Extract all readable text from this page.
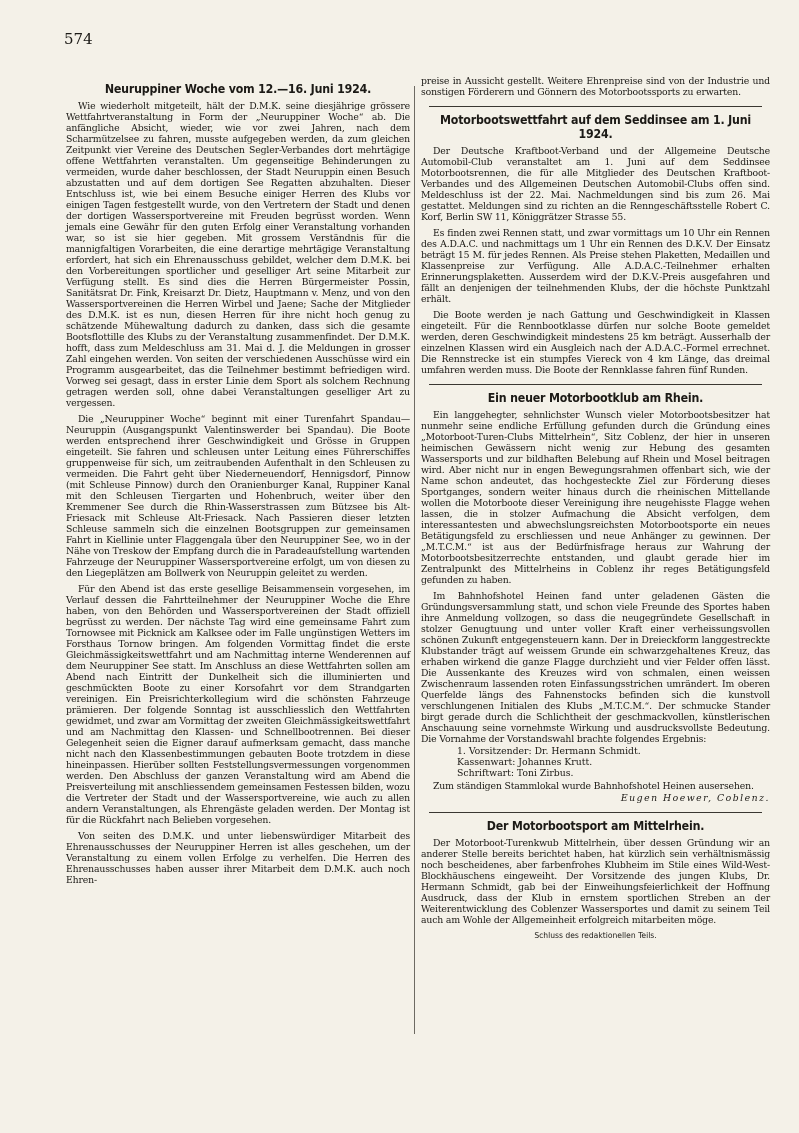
574
Neuruppiner Woche vom 12.—16. Juni 1924.

Wie wiederholt mitgeteilt, hält der D.M.K. seine diesjährige grössere Wettfahrtveranstaltung in Form der „Neuruppiner Woche“ ab. Die anfängliche Absicht, wieder, wie vor zwei Jahren, nach dem Scharmützelsee zu fahren, musste aufgegeben werden, da zum gleichen Zeitpunkt vier Vereine des Deutschen Segler-Verbandes dort mehrtägige offene Wettfahrten veranstalten. Um gegenseitige Behinderungen zu vermeiden, wurde daher beschlossen, der Stadt Neuruppin einen Besuch abzustatten und auf dem dortigen See Regatten abzuhalten. Dieser Entschluss ist, wie bei einem Besuche einiger Herren des Klubs vor einigen Tagen festgestellt wurde, von den Vertretern der Stadt und denen der dortigen Wassersportvereine mit Freuden begrüsst worden. Wenn jemals eine Gewähr für den guten Erfolg einer Veranstaltung vorhanden war, so ist sie hier gegeben. Mit grossem Verständnis für die mannigfaltigen Vorarbeiten, die eine derartige mehrtägige Veranstaltung erfordert, hat sich ein Ehrenausschuss gebildet, welcher dem D.M.K. bei den Vorbereitungen sportlicher und geselliger Art seine Mitarbeit zur Verfügung stellt. Es sind dies die Herren Bürgermeister Possin, Sanitätsrat Dr. Fink, Kreisarzt Dr. Dietz, Hauptmann v. Menz, und von den Wassersportvereinen die Herren Wirbel und Jaene; Sache der Mitglieder des D.M.K. ist es nun, diesen Herren für ihre nicht hoch genug zu schätzende Mühewaltung dadurch zu danken, dass sich die gesamte Bootsflottille des Klubs zu der Veranstaltung zusammenfindet. Der D.M.K. hofft, dass zum Meldeschluss am 31. Mai d. J. die Meldungen in grosser Zahl eingehen werden. Von seiten der verschiedenen Ausschüsse wird ein Programm ausgearbeitet, das die Teilnehmer bestimmt befriedigen wird. Vorweg sei gesagt, dass in erster Linie dem Sport als solchem Rechnung getragen werden soll, ohne dabei Veranstaltungen geselliger Art zu vergessen.

Die „Neuruppiner Woche“ beginnt mit einer Turenfahrt Spandau—Neuruppin (Ausgangspunkt Valentinswerder bei Spandau). Die Boote werden entsprechend ihrer Geschwindigkeit und Grösse in Gruppen eingeteilt. Sie fahren und schleusen unter Leitung eines Führerschiffes gruppenweise für sich, um zeitraubenden Aufenthalt in den Schleusen zu vermeiden. Die Fahrt geht über Niederneuendorf, Hennigsdorf, Pinnow (mit Schleuse Pinnow) durch den Oranienburger Kanal, Ruppiner Kanal mit den Schleusen Tiergarten und Hohenbruch, weiter über den Kremmener See durch die Rhin-Wasserstrassen zum Bützsee bis Alt-Friesack mit Schleuse Alt-Friesack. Nach Passieren dieser letzten Schleuse sammeln sich die einzelnen Bootsgruppen zur gemeinsamen Fahrt in Kiellinie unter Flaggengala über den Neuruppiner See, wo in der Nähe von Treskow der Empfang durch die in Paradeaufstellung wartenden Fahrzeuge der Neuruppiner Wassersportvereine erfolgt, um von diesen zu den Liegeplätzen am Bollwerk von Neuruppin geleitet zu werden.

Für den Abend ist das erste gesellige Beisammensein vorgesehen, im Verlauf dessen die Fahrtteilnehmer der Neuruppiner Woche die Ehre haben, von den Behörden und Wassersportvereinen der Stadt offiziell begrüsst zu werden. Der nächste Tag wird eine gemeinsame Fahrt zum Tornowsee mit Picknick am Kalksee oder im Falle ungünstigen Wetters im Forsthaus Tornow bringen. Am folgenden Vormittag findet die erste Gleichmässigkeitswettfahrt und am Nachmittag interne Wenderennen auf dem Neuruppiner See statt. Im Anschluss an diese Wettfahrten sollen am Abend nach Eintritt der Dunkelheit sich die illuminierten und geschmückten Boote zu einer Korsofahrt vor dem Strandgarten vereinigen. Ein Preisrichterkollegium wird die schönsten Fahrzeuge prämieren. Der folgende Sonntag ist ausschliesslich den Wettfahrten gewidmet, und zwar am Vormittag der zweiten Gleichmässigkeitswettfahrt und am Nachmittag den Klassen- und Schnellbootrennen. Bei dieser Gelegenheit seien die Eigner darauf aufmerksam gemacht, dass manche nicht nach den Klassenbestimmungen gebauten Boote trotzdem in diese hineinpassen. Hierüber sollten Feststellungsvermessungen vorgenommen werden. Den Abschluss der ganzen Veranstaltung wird am Abend die Preisverteilung mit anschliessendem gemeinsamen Festessen bilden, wozu die Vertreter der Stadt und der Wassersportvereine, wie auch zu allen andern Veranstaltungen, als Ehrengäste geladen werden. Der Montag ist für die Rückfahrt nach Belieben vorgesehen.

Von seiten des D.M.K. und unter liebenswürdiger Mitarbeit des Ehrenausschusses der Neuruppiner Herren ist alles geschehen, um der Veranstaltung zu einem vollen Erfolge zu verhelfen. Die Herren des Ehrenausschusses haben ausser ihrer Mitarbeit dem D.M.K. auch noch Ehren-

preise in Aussicht gestellt. Weitere Ehrenpreise sind von der Industrie und sonstigen Förderern und Gönnern des Motorbootssports zu erwarten.

Motorbootswettfahrt auf dem Seddinsee am 1. Juni 1924.

Der Deutsche Kraftboot-Verband und der Allgemeine Deutsche Automobil-Club veranstaltet am 1. Juni auf dem Seddinsee Motorbootsrennen, die für alle Mitglieder des Deutschen Kraftboot-Verbandes und des Allgemeinen Deutschen Automobil-Clubs offen sind. Meldeschluss ist der 22. Mai. Nachmeldungen sind bis zum 26. Mai gestattet. Meldungen sind zu richten an die Renngeschäftsstelle Robert C. Korf, Berlin SW 11, Königgrätzer Strasse 55.

Es finden zwei Rennen statt, und zwar vormittags um 10 Uhr ein Rennen des A.D.A.C. und nachmittags um 1 Uhr ein Rennen des D.K.V. Der Einsatz beträgt 15 M. für jedes Rennen. Als Preise stehen Plaketten, Medaillen und Klassenpreise zur Verfügung. Alle A.D.A.C.-Teilnehmer erhalten Erinnerungsplaketten. Ausserdem wird der D.K.V.-Preis ausgefahren und fällt an denjenigen der teilnehmenden Klubs, der die höchste Punktzahl erhält.

Die Boote werden je nach Gattung und Geschwindigkeit in Klassen eingeteilt. Für die Rennbootklasse dürfen nur solche Boote gemeldet werden, deren Geschwindigkeit mindestens 25 km beträgt. Ausserhalb der einzelnen Klassen wird ein Ausgleich nach der A.D.A.C.-Formel errechnet. Die Rennstrecke ist ein stumpfes Viereck von 4 km Länge, das dreimal umfahren werden muss. Die Boote der Rennklasse fahren fünf Runden.

Ein neuer Motorbootklub am Rhein.

Ein langgehegter, sehnlichster Wunsch vieler Motorbootsbesitzer hat nunmehr seine endliche Erfüllung gefunden durch die Gründung eines „Motorboot-Turen-Clubs Mittelrhein“, Sitz Coblenz, der hier in unseren heimischen Gewässern nicht wenig zur Hebung des gesamten Wassersports und zur bildhaften Belebung auf Rhein und Mosel beitragen wird. Aber nicht nur in engen Bewegungsrahmen offenbart sich, wie der Name schon andeutet, das hochgesteckte Ziel zur Förderung dieses Sportganges, sondern weiter hinaus durch die rheinischen Mittellande wollen die Motorboote dieser Vereinigung ihre neugehisste Flagge wehen lassen, die in stolzer Aufmachung die Absicht verfolgen, dem interessantesten und abwechslungsreichsten Motorbootsporte ein neues Betätigungsfeld zu erschliessen und neue Anhänger zu gewinnen. Der „M.T.C.M.“ ist aus der Bedürfnisfrage heraus zur Wahrung der Motorbootsbesitzerrechte entstanden, und glaubt gerade hier im Zentralpunkt des Mittelrheins in Coblenz ihr reges Betätigungsfeld gefunden zu haben.

Im Bahnhofshotel Heinen fand unter geladenen Gästen die Gründungsversammlung statt, und schon viele Freunde des Sportes haben ihre Anmeldung vollzogen, so dass die neugegründete Gesellschaft in stolzer Genugtuung und unter voller Kraft einer verheissungsvollen schönen Zukunft entgegensteuern kann. Der in Dreieckform langgestreckte Klubstander trägt auf weissem Grunde ein schwarzgehaltenes Kreuz, das erhaben wirkend die ganze Flagge durchzieht und vier Felder offen lässt. Die Aussenkante des Kreuzes wird von schmalen, einen weissen Zwischenraum lassenden roten Einfassungsstrichen umrändert. Im oberen Querfelde längs des Fahnenstocks befinden sich die kunstvoll verschlungenen Initialen des Klubs „M.T.C.M.“. Der schmucke Stander birgt gerade durch die Schlichtheit der geschmackvollen, künstlerischen Anschauung seine vornehmste Wirkung und ausdrucksvollste Bedeutung. Die Vornahme der Vorstandswahl brachte folgendes Ergebnis:

1. Vorsitzender: Dr. Hermann Schmidt.
Kassenwart: Johannes Krutt.
Schriftwart: Toni Zirbus.

Zum ständigen Stammlokal wurde Bahnhofshotel Heinen ausersehen.

Eugen Hoewer, Coblenz.
Der Motorbootsport am Mittelrhein.

Der Motorboot-Turenkwub Mittelrhein, über dessen Gründung wir an anderer Stelle bereits berichtet haben, hat kürzlich sein verhältnismässig noch bescheidenes, aber farbenfrohes Klubheim im Stile eines Wild-West-Blockhäuschens eingeweiht. Der Vorsitzende des jungen Klubs, Dr. Hermann Schmidt, gab bei der Einweihungsfeierlichkeit der Hoffnung Ausdruck, dass der Klub in ernstem sportlichen Streben an der Weiterentwicklung des Coblenzer Wassersportes und damit zu seinem Teil auch am Wohle der Allgemeinheit erfolgreich mitarbeiten möge.

Schluss des redaktionellen Teils.
